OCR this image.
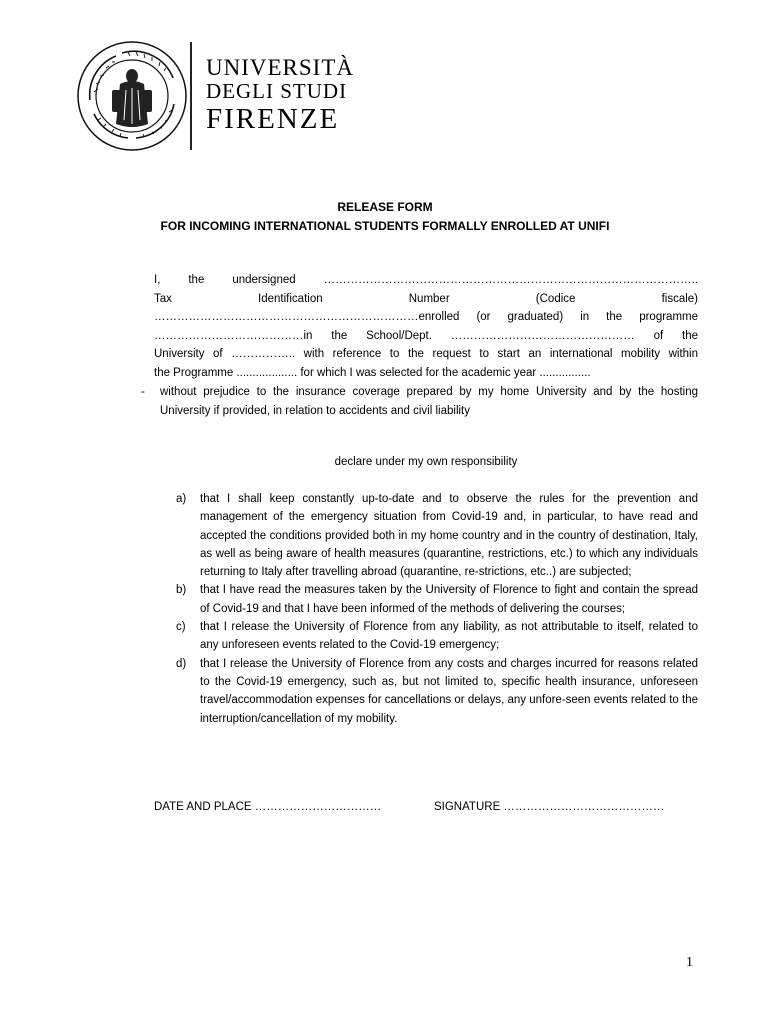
UNIVERSITÀ
DEGLI STUDI
FIRENZE
RELEASE FORM
FOR INCOMING INTERNATIONAL STUDENTS FORMALLY ENROLLED AT UNIFI
I, the undersigned ……………………………………………………………………………………..
Tax Identification Number (Codice fiscale)
……………………………………………………………enrolled (or graduated) in the programme
…………………………………in the School/Dept. ………………………………………… of the
University of …………….. with reference to the request to start an international mobility within
the Programme ................... for which I was selected for the academic year ................
- without prejudice to the insurance coverage prepared by my home University and by the hosting University if provided, in relation to accidents and civil liability
declare under my own responsibility
a) that I shall keep constantly up-to-date and to observe the rules for the prevention and management of the emergency situation from Covid-19 and, in particular, to have read and accepted the conditions provided both in my home country and in the country of destination, Italy, as well as being aware of health measures (quarantine, restrictions, etc.) to which any individuals returning to Italy after travelling abroad (quarantine, re-strictions, etc..) are subjected;
b) that I have read the measures taken by the University of Florence to fight and contain the spread of Covid-19 and that I have been informed of the methods of delivering the courses;
c) that I release the University of Florence from any liability, as not attributable to itself, related to any unforeseen events related to the Covid-19 emergency;
d) that I release the University of Florence from any costs and charges incurred for reasons related to the Covid-19 emergency, such as, but not limited to, specific health insurance, unforeseen travel/accommodation expenses for cancellations or delays, any unfore-seen events related to the interruption/cancellation of my mobility.
DATE AND PLACE ……………………………	SIGNATURE ……………………………………
1
